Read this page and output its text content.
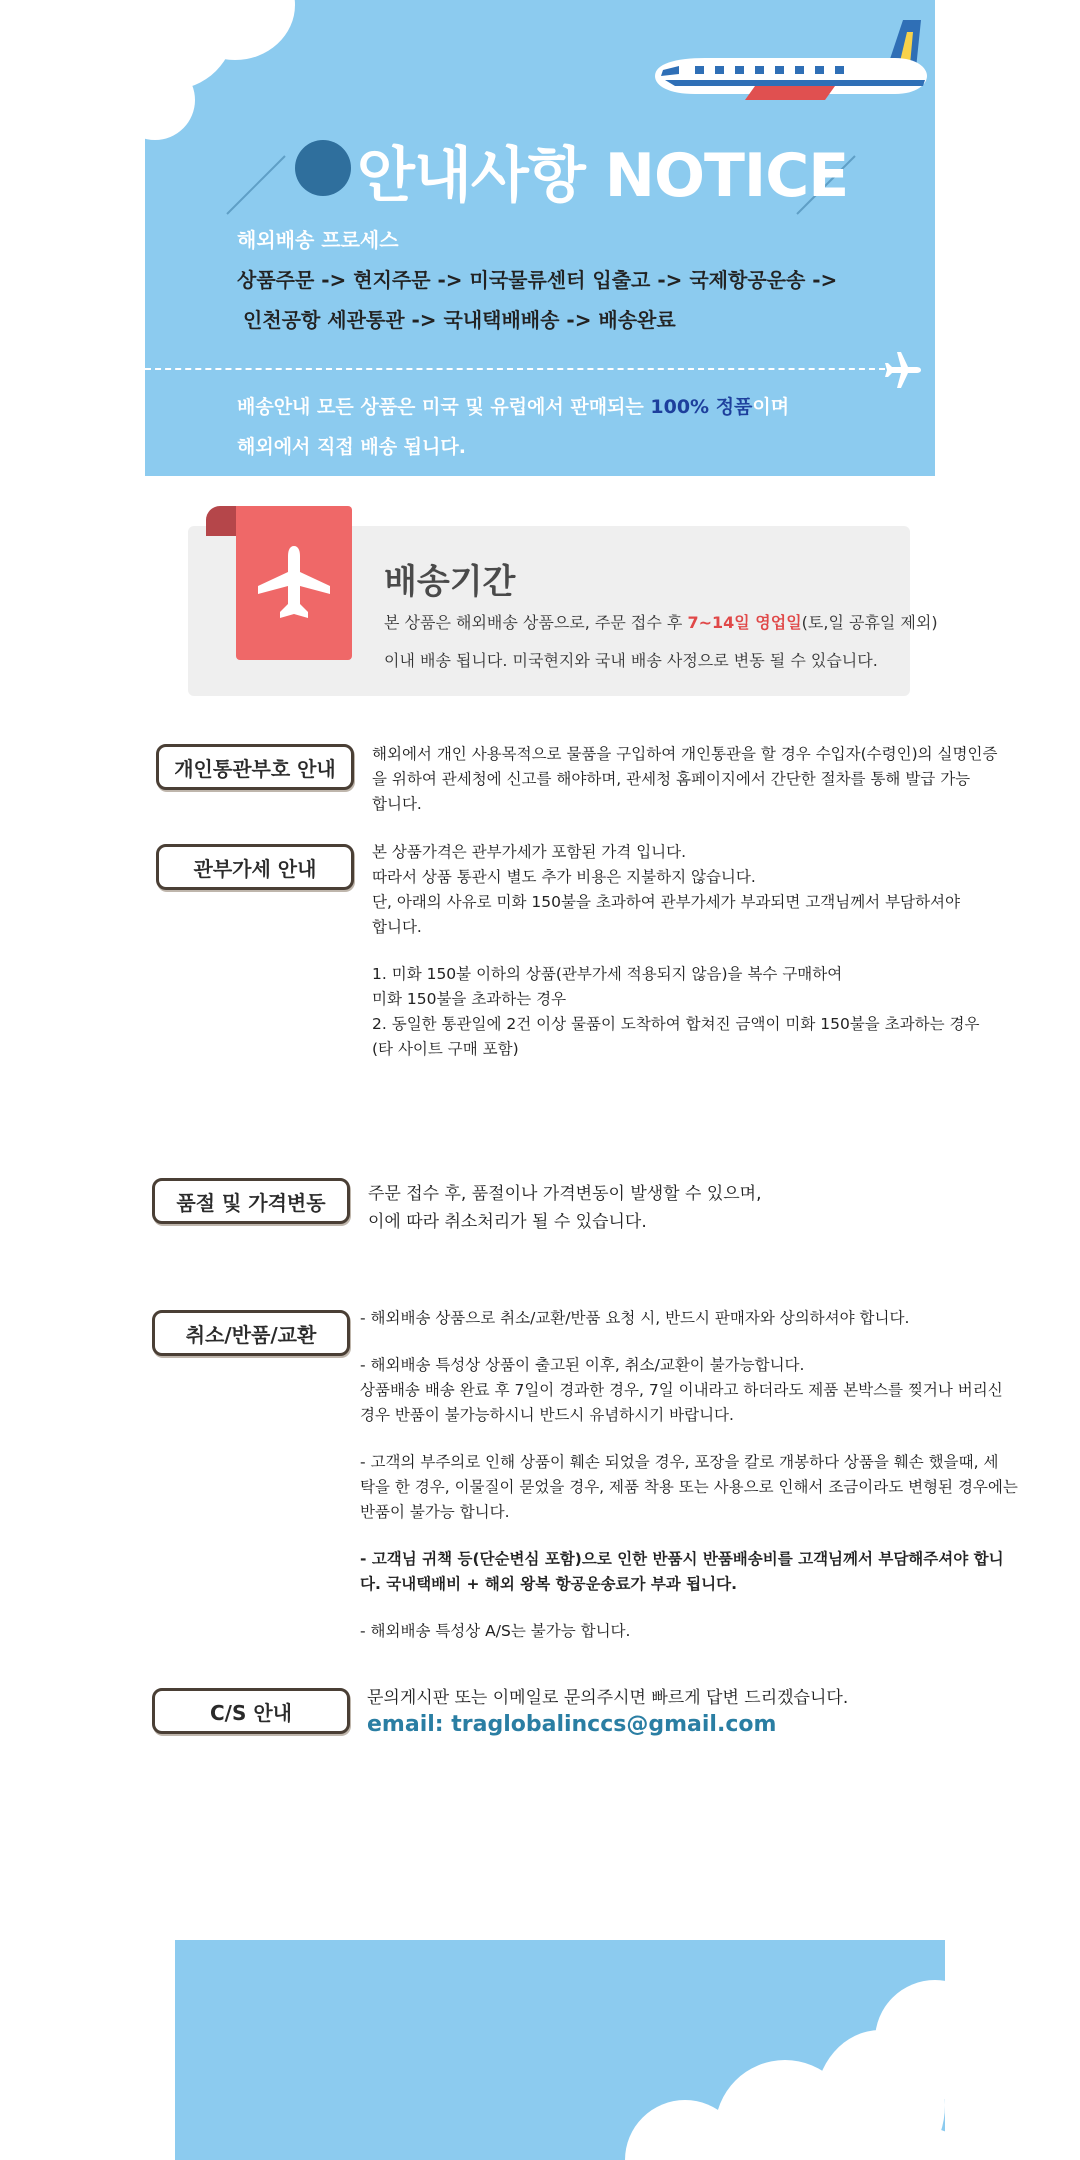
안내사항 NOTICE
해외배송 프로세스
상품주문 -> 현지주문 -> 미국물류센터 입출고 -> 국제항공운송 ->
인천공항 세관통관 -> 국내택배배송 -> 배송완료
배송안내 모든 상품은 미국 및 유럽에서 판매되는 100% 정품이며
해외에서 직접 배송 됩니다.
배송기간
본 상품은 해외배송 상품으로, 주문 접수 후 7~14일 영업일(토,일 공휴일 제외)
이내 배송 됩니다. 미국현지와 국내 배송 사정으로 변동 될 수 있습니다.
개인통관부호 안내
해외에서 개인 사용목적으로 물품을 구입하여 개인통관을 할 경우 수입자(수령인)의 실명인증
을 위하여 관세청에 신고를 해야하며, 관세청 홈페이지에서 간단한 절차를 통해 발급 가능
합니다.
관부가세 안내
본 상품가격은 관부가세가 포함된 가격 입니다.
따라서 상품 통관시 별도 추가 비용은 지불하지 않습니다.
단, 아래의 사유로 미화 150불을 초과하여 관부가세가 부과되면 고객님께서 부담하셔야
합니다.
1. 미화 150불 이하의 상품(관부가세 적용되지 않음)을 복수 구매하여
미화 150불을 초과하는 경우
2. 동일한 통관일에 2건 이상 물품이 도착하여 합쳐진 금액이 미화 150불을 초과하는 경우
(타 사이트 구매 포함)
품절 및 가격변동	주문 접수 후, 품절이나 가격변동이 발생할 수 있으며,
이에 따라 취소처리가 될 수 있습니다.
취소/반품/교환
- 해외배송 상품으로 취소/교환/반품 요청 시, 반드시 판매자와 상의하셔야 합니다.
- 해외배송 특성상 상품이 출고된 이후, 취소/교환이 불가능합니다.
상품배송 배송 완료 후 7일이 경과한 경우, 7일 이내라고 하더라도 제품 본박스를 찢거나 버리신
경우 반품이 불가능하시니 반드시 유념하시기 바랍니다.
- 고객의 부주의로 인해 상품이 훼손 되었을 경우, 포장을 칼로 개봉하다 상품을 훼손 했을때, 세
탁을 한 경우, 이물질이 묻었을 경우, 제품 착용 또는 사용으로 인해서 조금이라도 변형된 경우에는
반품이 불가능 합니다.
- 고객님 귀책 등(단순변심 포함)으로 인한 반품시 반품배송비를 고객님께서 부담해주셔야 합니
다. 국내택배비 + 해외 왕복 항공운송료가 부과 됩니다.
- 해외배송 특성상 A/S는 불가능 합니다.
C/S 안내
문의게시판 또는 이메일로 문의주시면 빠르게 답변 드리겠습니다.
email: traglobalinccs@gmail.com
